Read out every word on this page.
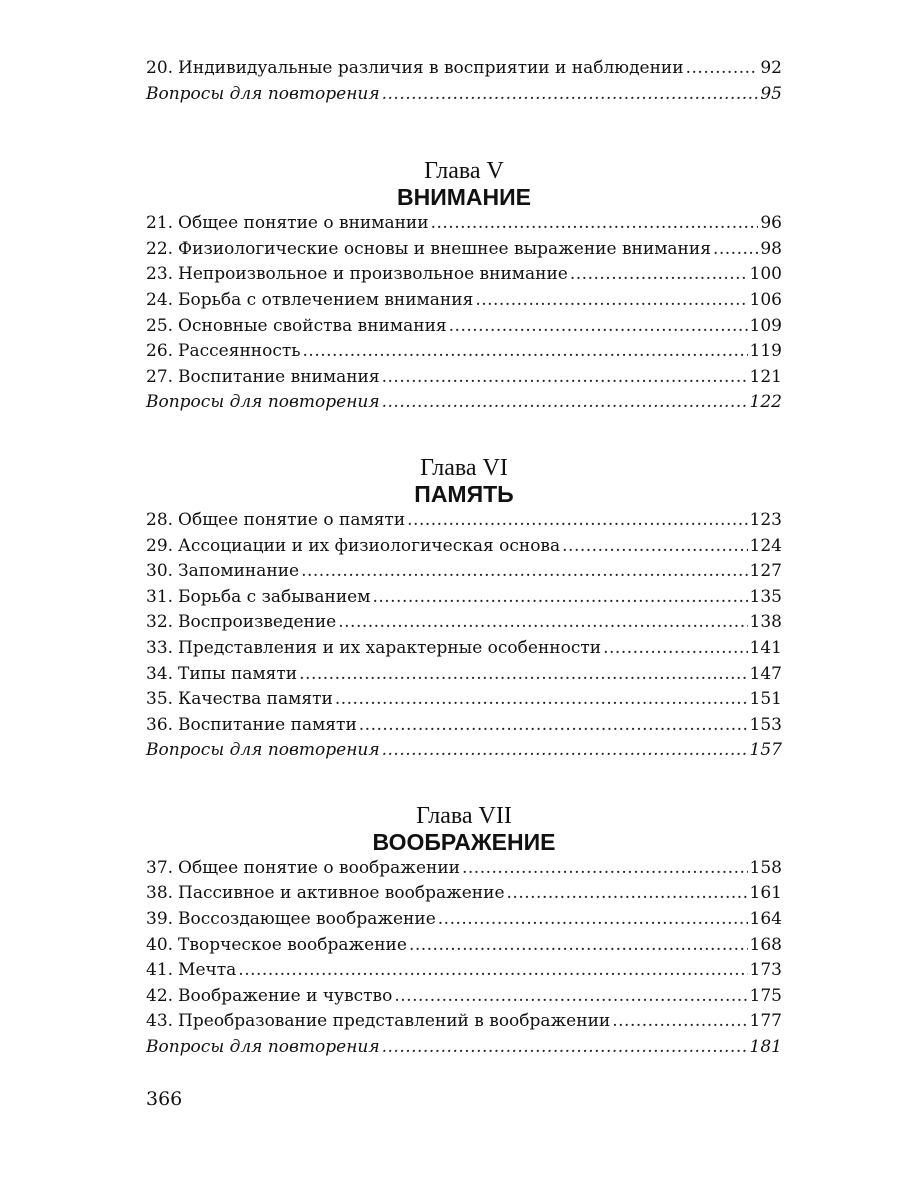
20. Индивидуальные различия в восприятии и наблюдении .....	92
Вопросы для повторения .....	95
Глава V
ВНИМАНИЕ
21. Общее понятие о внимании .....	96
22. Физиологические основы и внешнее выражение внимания .....	98
23. Непроизвольное и произвольное внимание .....	100
24. Борьба с отвлечением внимания .....	106
25. Основные свойства внимания .....	109
26. Рассеянность .....	119
27. Воспитание внимания .....	121
Вопросы для повторения .....	122
Глава VI
ПАМЯТЬ
28. Общее понятие о памяти .....	123
29. Ассоциации и их физиологическая основа .....	124
30. Запоминание .....	127
31. Борьба с забыванием .....	135
32. Воспроизведение .....	138
33. Представления и их характерные особенности .....	141
34. Типы памяти .....	147
35. Качества памяти .....	151
36. Воспитание памяти .....	153
Вопросы для повторения .....	157
Глава VII
ВООБРАЖЕНИЕ
37. Общее понятие о воображении .....	158
38. Пассивное и активное воображение .....	161
39. Воссоздающее воображение .....	164
40. Творческое воображение .....	168
41. Мечта .....	173
42. Воображение и чувство .....	175
43. Преобразование представлений в воображении .....	177
Вопросы для повторения .....	181
366
